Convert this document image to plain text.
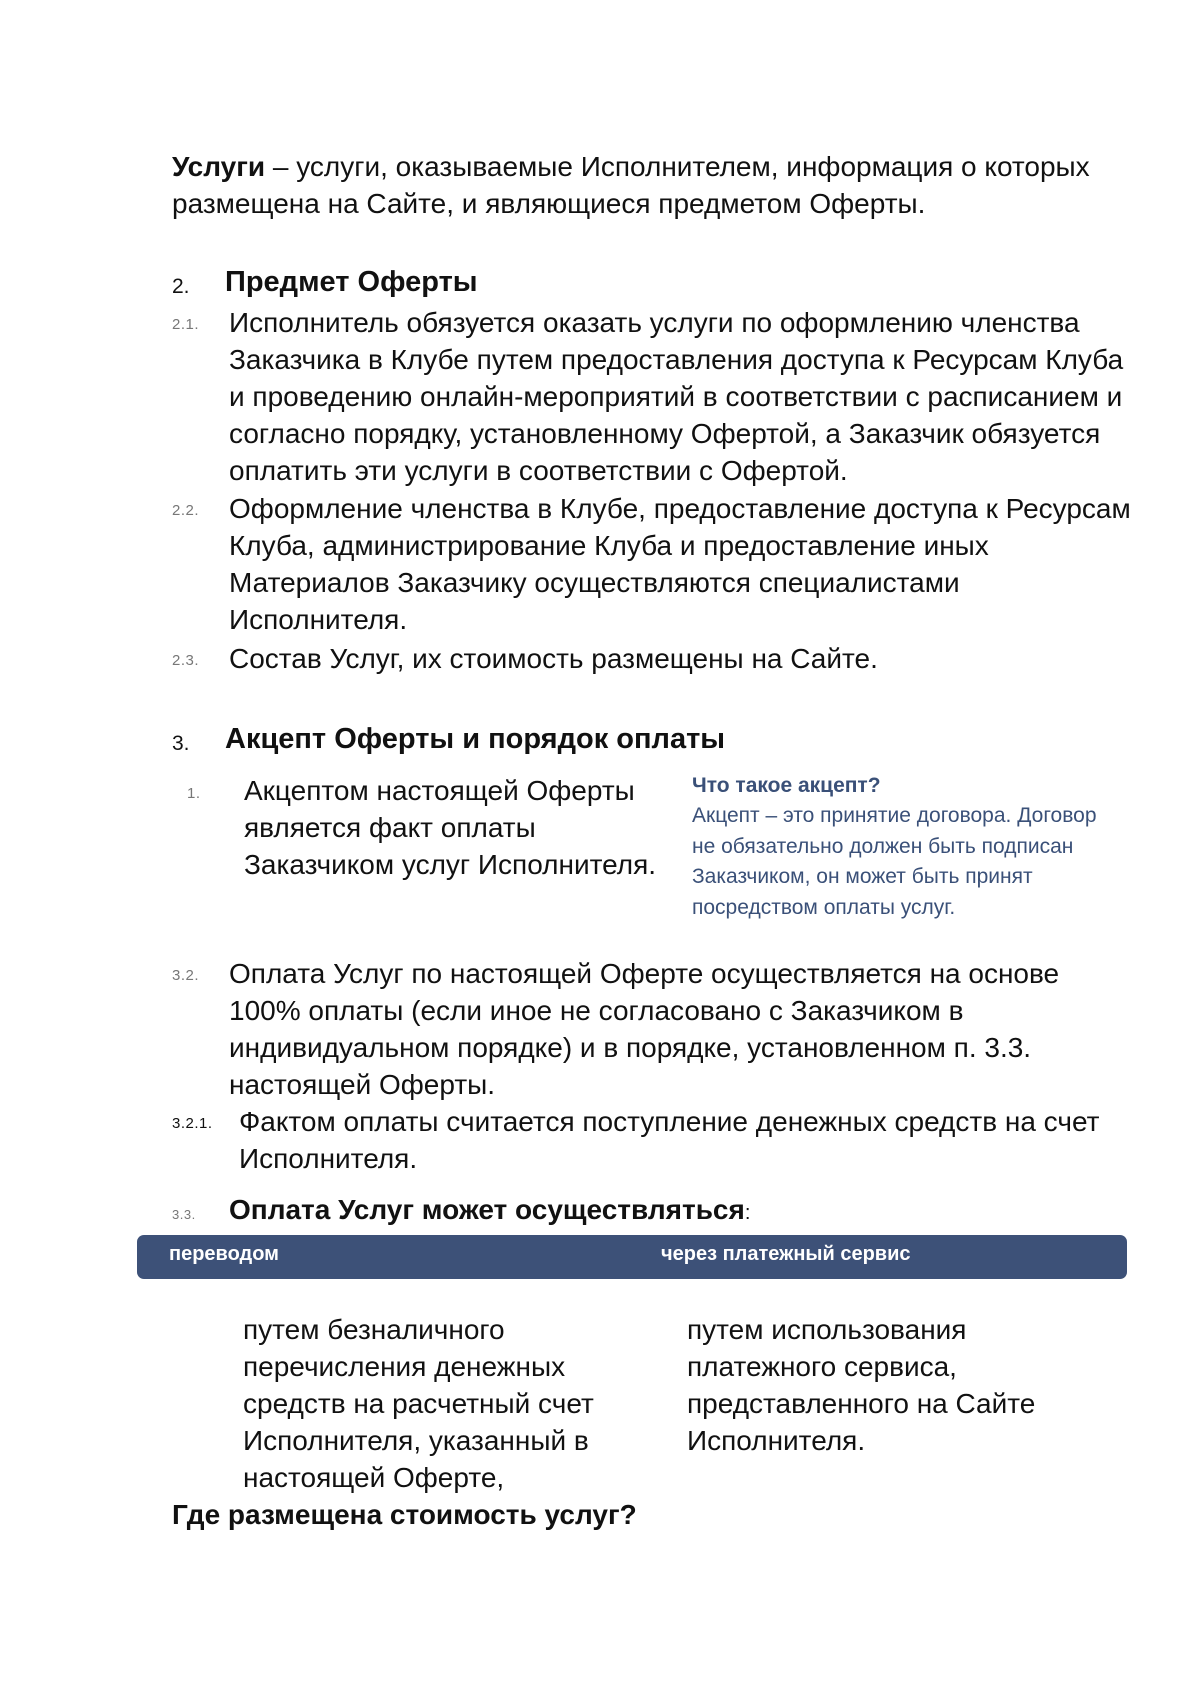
Услуги – услуги, оказываемые Исполнителем, информация о которых размещена на Сайте, и являющиеся предметом Оферты.
2. Предмет Оферты
2.1. Исполнитель обязуется оказать услуги по оформлению членства Заказчика в Клубе путем предоставления доступа к Ресурсам Клуба и проведению онлайн-мероприятий в соответствии с расписанием и согласно порядку, установленному Офертой, а Заказчик обязуется оплатить эти услуги в соответствии с Офертой.
2.2. Оформление членства в Клубе, предоставление доступа к Ресурсам Клуба, администрирование Клуба и предоставление иных Материалов Заказчику осуществляются специалистами Исполнителя.
2.3. Состав Услуг, их стоимость размещены на Сайте.
3. Акцепт Оферты и порядок оплаты
1. Акцептом настоящей Оферты является факт оплаты Заказчиком услуг Исполнителя.
Что такое акцепт?
Акцепт – это принятие договора. Договор не обязательно должен быть подписан Заказчиком, он может быть принят посредством оплаты услуг.
3.2. Оплата Услуг по настоящей Оферте осуществляется на основе 100% оплаты (если иное не согласовано с Заказчиком в индивидуальном порядке) и в порядке, установленном п. 3.3. настоящей Оферты.
3.2.1. Фактом оплаты считается поступление денежных средств на счет Исполнителя.
3.3. Оплата Услуг может осуществляться:
переводом	через платежный сервис
путем безналичного перечисления денежных средств на расчетный счет Исполнителя, указанный в настоящей Оферте,
путем использования платежного сервиса, представленного на Сайте Исполнителя.
Где размещена стоимость услуг?
